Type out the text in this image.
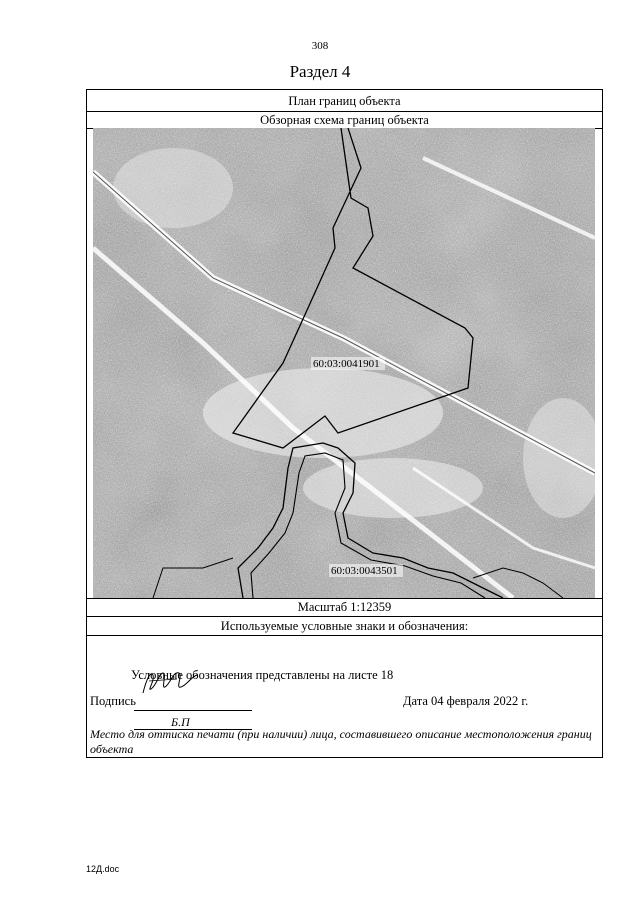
308
Раздел 4
План границ объекта
Обзорная схема границ объекта
60:03:0041901
60:03:0043501
Масштаб 1:12359
Используемые условные знаки и обозначения:
Условные обозначения представлены на листе 18
Подпись
Б.П
Дата 04 февраля 2022 г.
Место для оттиска печати (при наличии) лица, составившего описание местоположения границ объекта
12Д.doc
